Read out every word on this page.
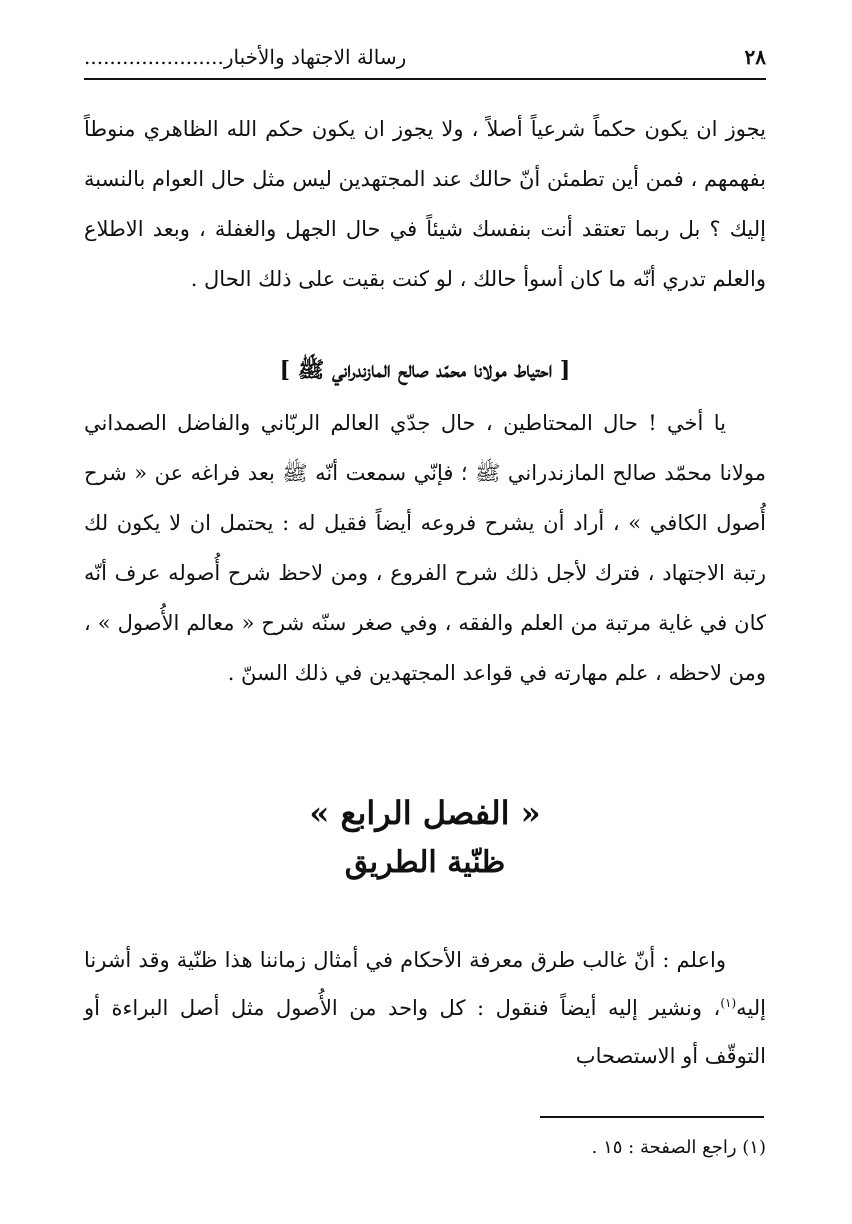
٢٨
رسالة الاجتهاد والأخبار......................

يجوز ان يكون حكماً شرعياً أصلاً ، ولا يجوز ان يكون حكم الله الظاهري منوطاً بفهمهم ، فمن أين تطمئن أنّ حالك عند المجتهدين ليس مثل حال العوام بالنسبة إليك ؟ بل ربما تعتقد أنت بنفسك شيئاً في حال الجهل والغفلة ، وبعد الاطلاع والعلم تدري أنّه ما كان أسوأ حالك ، لو كنت بقيت على ذلك الحال .

[ احتياط مولانا محمّد صالح المازندراني ﷺ ]

يا أخي ! حال المحتاطين ، حال جدّي العالم الربّاني والفاضل الصمداني مولانا محمّد صالح المازندراني ﷺ ؛ فإنّي سمعت أنّه ﷺ بعد فراغه عن « شرح أُصول الكافي » ، أراد أن يشرح فروعه أيضاً فقيل له : يحتمل ان لا يكون لك رتبة الاجتهاد ، فترك لأجل ذلك شرح الفروع ، ومن لاحظ شرح أُصوله عرف أنّه كان في غاية مرتبة من العلم والفقه ، وفي صغر سنّه شرح « معالم الأُصول » ، ومن لاحظه ، علم مهارته في قواعد المجتهدين في ذلك السنّ .

« الفصل الرابع »
ظنّية الطريق

واعلم : أنّ غالب طرق معرفة الأحكام في أمثال زماننا هذا ظنّية وقد أشرنا إليه$^{(١)}$، ونشير إليه أيضاً فنقول : كل واحد من الأُصول مثل أصل البراءة أو التوقّف أو الاستصحاب

(١) راجع الصفحة : ١٥ .
